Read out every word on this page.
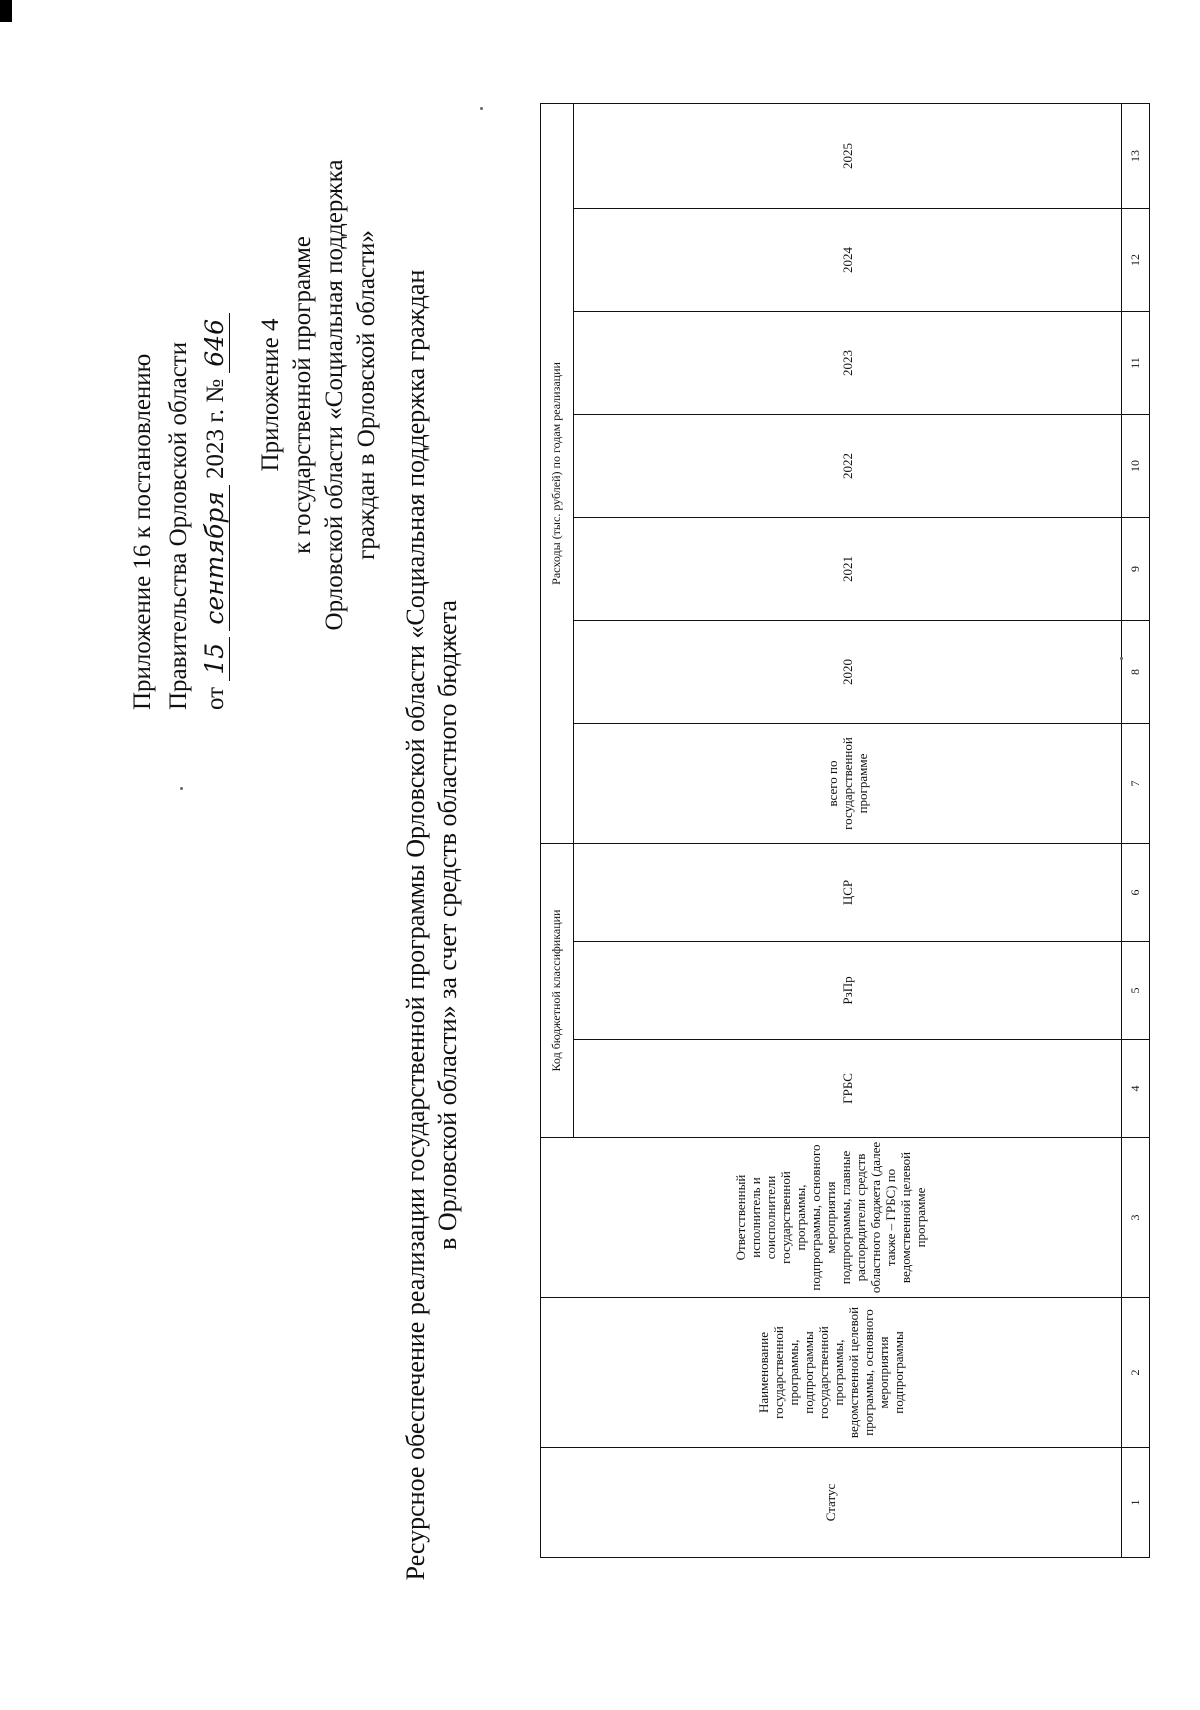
Приложение 16 к постановлению Правительства Орловской области от 15 сентября 2023 г. № 646 Приложение 4 к государственной программе Орловской области «Социальная поддержка граждан в Орловской области» Ресурсное обеспечение реализации государственной программы Орловской области «Социальная поддержка граждан в Орловской области» за счет средств областного бюджета
Статус	Наименование государственной программы, подпрограммы государственной программы, ведомственной целевой программы, основного мероприятия подпрограммы	Ответственный исполнитель и соисполнители государственной программы, подпрограммы, основного мероприятия подпрограммы, главные распорядители средств областного бюджета (далее также – ГРБС) по ведомственной целевой программе	Код бюджетной классификации			Расходы (тыс. рублей) по годам реализации						
			ГРБС	РзПр	ЦСР	всего по государственной программе	2020	2021	2022	2023	2024	2025
1	2	3	4	5	6	7	8	9	10	11	12	13
